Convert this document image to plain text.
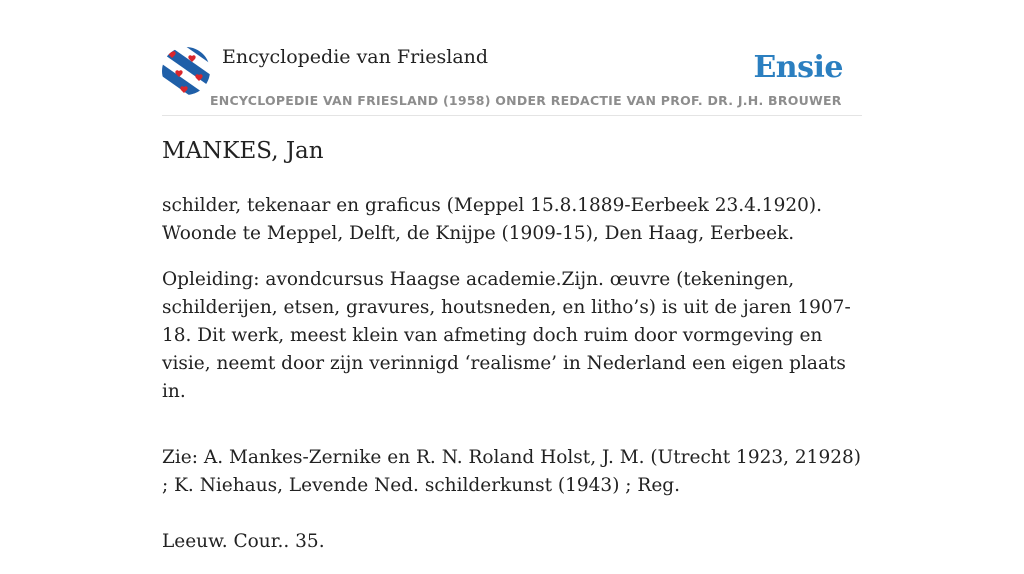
Encyclopedie van Friesland
ENCYCLOPEDIE VAN FRIESLAND (1958) ONDER REDACTIE VAN PROF. DR. J.H. BROUWER
Ensie
MANKES, Jan

schilder, tekenaar en graficus (Meppel 15.8.1889-Eerbeek 23.4.1920). Woonde te Meppel, Delft, de Knijpe (1909-15), Den Haag, Eerbeek.

Opleiding: avondcursus Haagse academie.Zijn. œuvre (tekeningen, schilderijen, etsen, gravures, houtsneden, en litho’s) is uit de jaren 1907-18. Dit werk, meest klein van afmeting doch ruim door vormgeving en visie, neemt door zijn verinnigd ‘realisme’ in Nederland een eigen plaats in.

Zie: A. Mankes-Zernike en R. N. Roland Holst, J. M. (Utrecht 1923, 21928) ; K. Niehaus, Levende Ned. schilderkunst (1943) ; Reg.

Leeuw. Cour.. 35.
